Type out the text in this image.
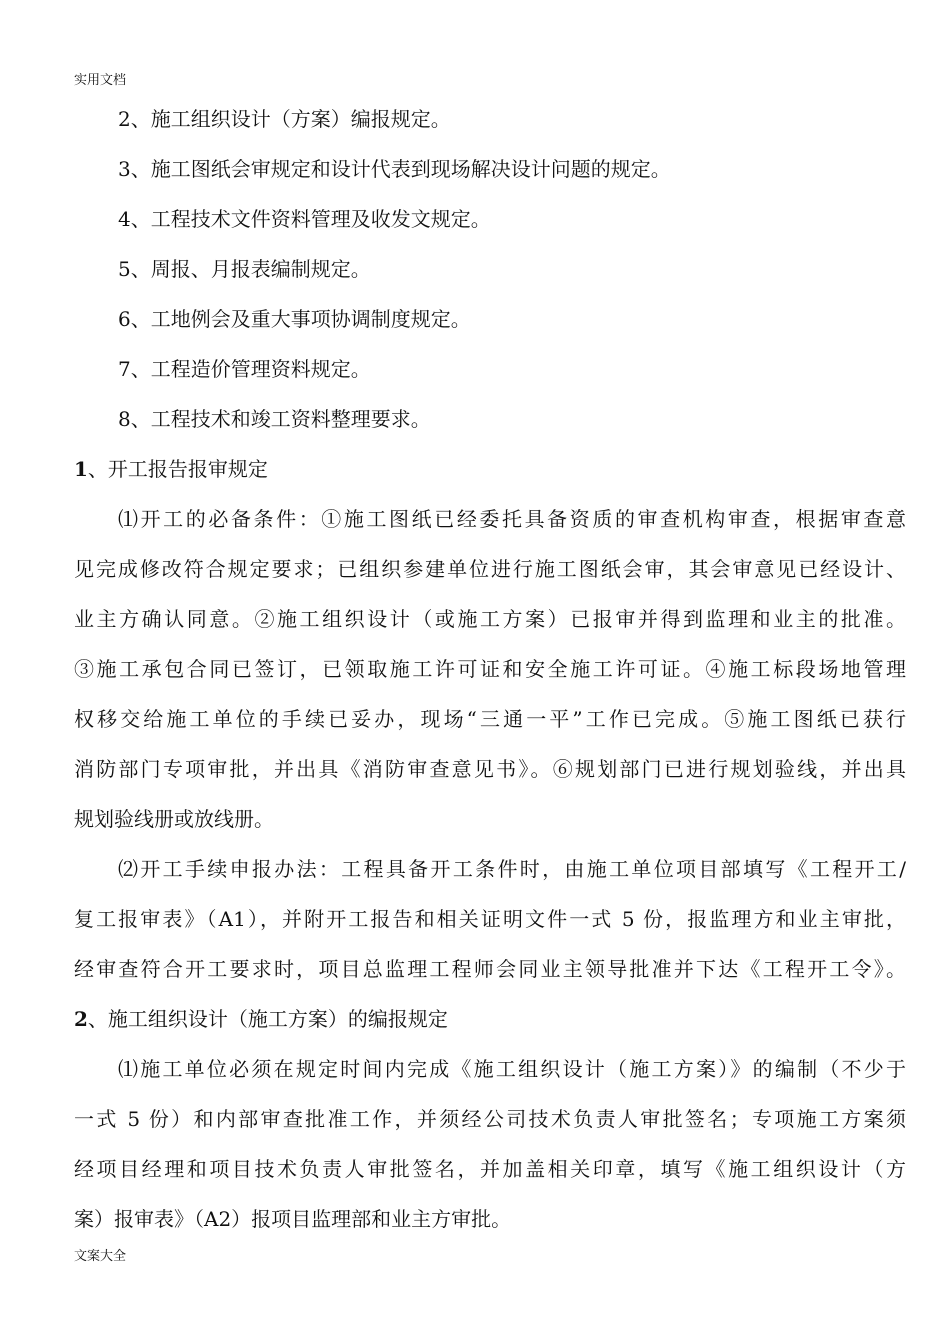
实用文档
2、施工组织设计（方案）编报规定。
3、施工图纸会审规定和设计代表到现场解决设计问题的规定。
4、工程技术文件资料管理及收发文规定。
5、周报、月报表编制规定。
6、工地例会及重大事项协调制度规定。
7、工程造价管理资料规定。
8、工程技术和竣工资料整理要求。
1、开工报告报审规定
⑴开工的必备条件：①施工图纸已经委托具备资质的审查机构审查，根据审查意
见完成修改符合规定要求；已组织参建单位进行施工图纸会审，其会审意见已经设计、
业主方确认同意。②施工组织设计（或施工方案）已报审并得到监理和业主的批准。
③施工承包合同已签订，已领取施工许可证和安全施工许可证。④施工标段场地管理
权移交给施工单位的手续已妥办，现场“三通一平”工作已完成。⑤施工图纸已获行
消防部门专项审批，并出具《消防审查意见书》。⑥规划部门已进行规划验线，并出具
规划验线册或放线册。
⑵开工手续申报办法：工程具备开工条件时，由施工单位项目部填写《工程开工/
复工报审表》（A1），并附开工报告和相关证明文件一式 5 份，报监理方和业主审批，
经审查符合开工要求时，项目总监理工程师会同业主领导批准并下达《工程开工令》。
2、施工组织设计（施工方案）的编报规定
⑴施工单位必须在规定时间内完成《施工组织设计（施工方案）》的编制（不少于
一式 5 份）和内部审查批准工作，并须经公司技术负责人审批签名；专项施工方案须
经项目经理和项目技术负责人审批签名，并加盖相关印章，填写《施工组织设计（方
案）报审表》（A2）报项目监理部和业主方审批。
文案大全
